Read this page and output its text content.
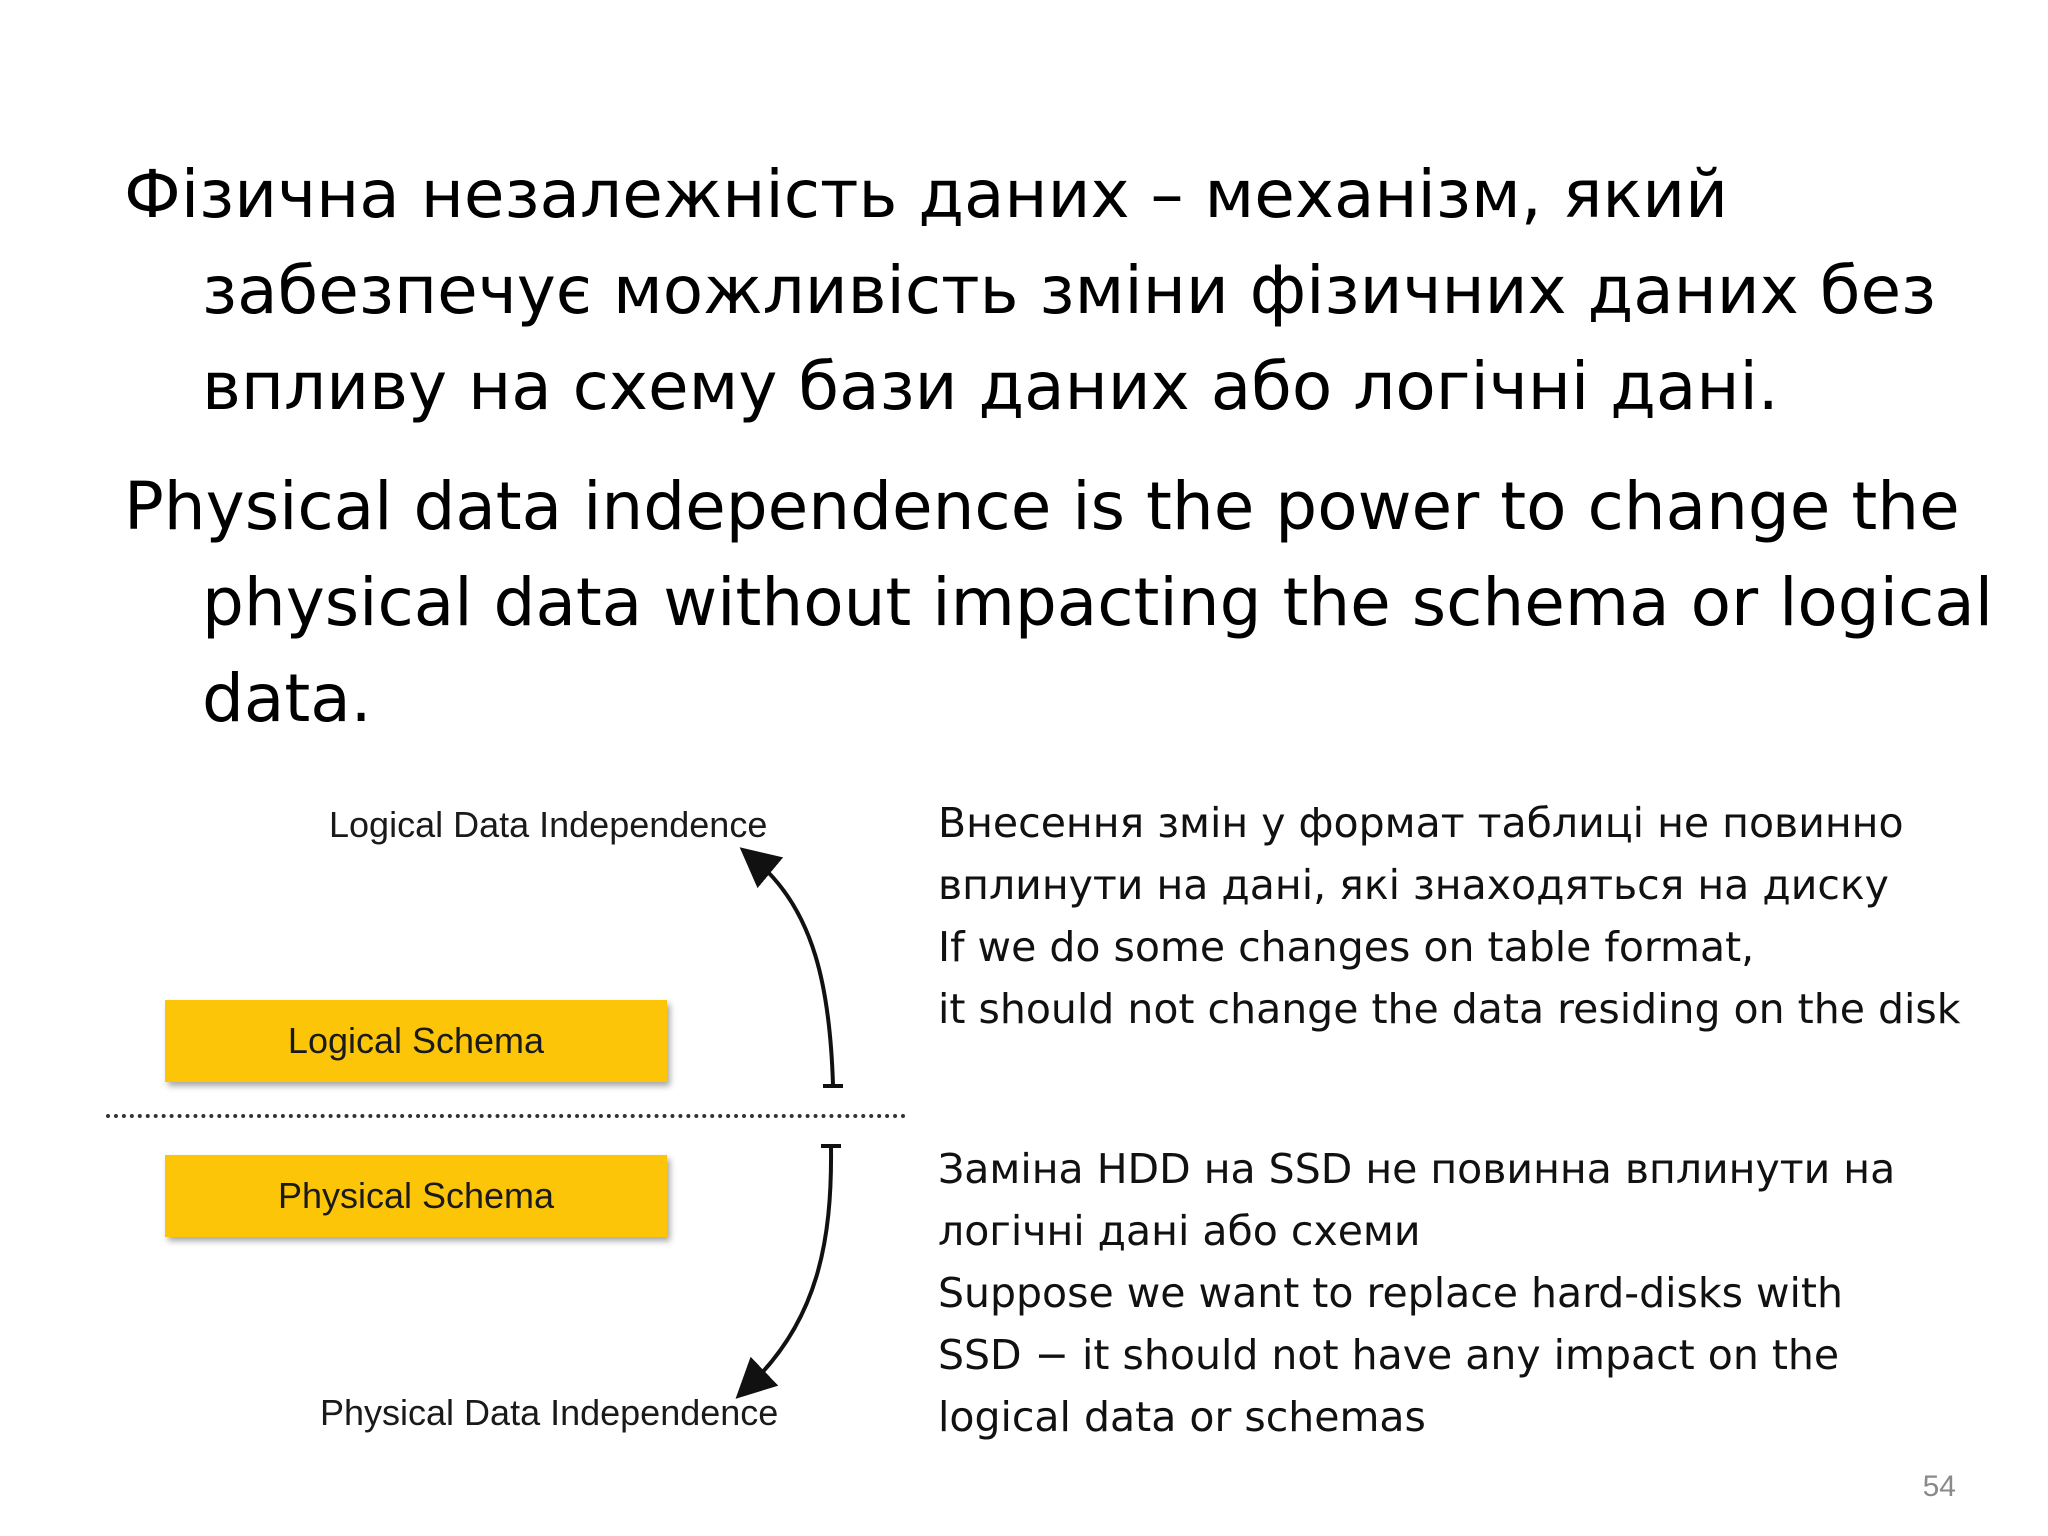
Фізична незалежність даних – механізм, який забезпечує можливість зміни фізичних даних без впливу на схему бази даних або логічні дані.

Physical data independence is the power to change the physical data without impacting the schema or logical data.

Logical Data Independence
Logical Schema
Physical Schema
Physical Data Independence
Внесення змін у формат таблиці не повинно
вплинути на дані, які знаходяться на диску
If we do some changes on table format,
it should not change the data residing on the disk
Заміна HDD на SSD не повинна вплинути на
логічні дані або схеми
Suppose we want to replace hard-disks with
SSD − it should not have any impact on the
logical data or schemas
54
